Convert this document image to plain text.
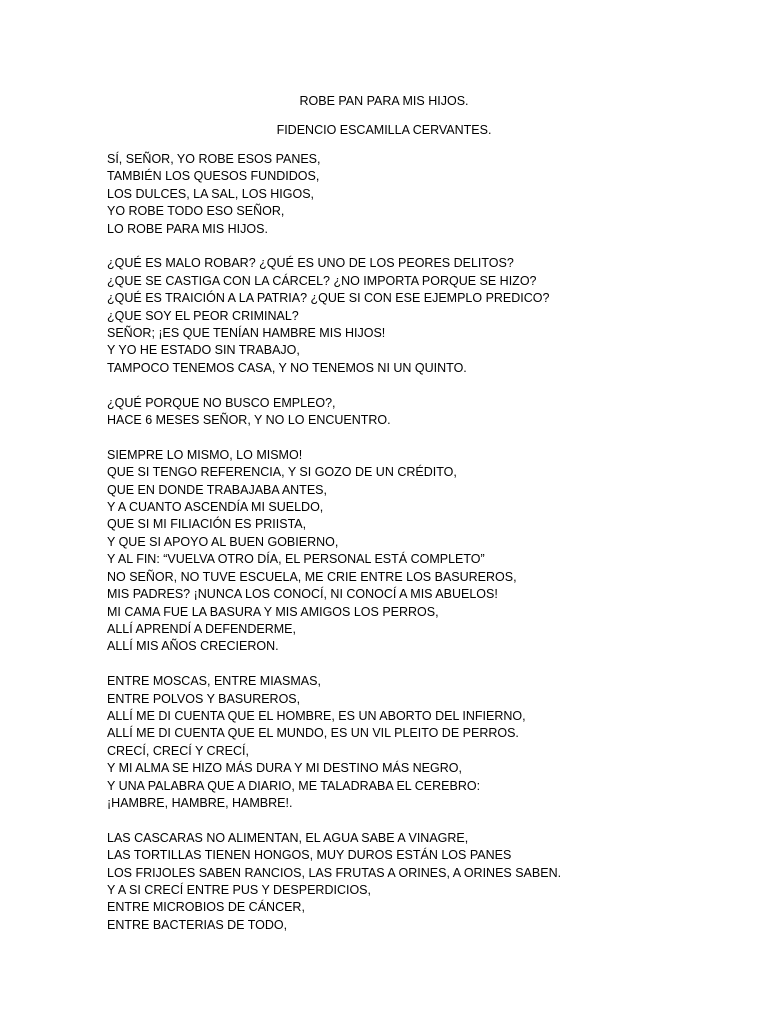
ROBE PAN PARA MIS HIJOS.
FIDENCIO ESCAMILLA CERVANTES.
SÍ, SEÑOR, YO ROBE ESOS PANES,
TAMBIÉN LOS QUESOS FUNDIDOS,
LOS DULCES, LA SAL, LOS HIGOS,
YO ROBE TODO ESO SEÑOR,
LO ROBE PARA MIS HIJOS.
¿QUÉ ES MALO ROBAR? ¿QUÉ ES UNO DE LOS PEORES DELITOS?
¿QUE SE CASTIGA CON LA CÁRCEL? ¿NO IMPORTA PORQUE SE HIZO?
¿QUÉ ES TRAICIÓN A LA PATRIA? ¿QUE SI CON ESE EJEMPLO PREDICO?
¿QUE SOY EL PEOR CRIMINAL?
SEÑOR; ¡ES QUE TENÍAN HAMBRE MIS HIJOS!
Y YO HE ESTADO SIN TRABAJO,
TAMPOCO TENEMOS CASA, Y NO TENEMOS NI UN QUINTO.
¿QUÉ PORQUE NO BUSCO EMPLEO?,
HACE 6 MESES SEÑOR, Y NO LO ENCUENTRO.
SIEMPRE LO MISMO, LO MISMO!
QUE SI TENGO REFERENCIA, Y SI GOZO DE UN CRÉDITO,
QUE EN DONDE TRABAJABA ANTES,
Y A CUANTO ASCENDÍA MI SUELDO,
QUE SI MI FILIACIÓN ES PRIISTA,
Y QUE SI APOYO AL BUEN GOBIERNO,
Y AL FIN: “VUELVA OTRO DÍA, EL PERSONAL ESTÁ COMPLETO”
NO SEÑOR, NO TUVE ESCUELA, ME CRIE ENTRE LOS BASUREROS,
MIS PADRES? ¡NUNCA LOS CONOCÍ, NI CONOCÍ A MIS ABUELOS!
MI CAMA FUE LA BASURA Y MIS AMIGOS LOS PERROS,
ALLÍ APRENDÍ A DEFENDERME,
ALLÍ MIS AÑOS CRECIERON.
ENTRE MOSCAS, ENTRE MIASMAS,
ENTRE POLVOS Y BASUREROS,
ALLÍ ME DI CUENTA QUE EL HOMBRE, ES UN ABORTO DEL INFIERNO,
ALLÍ ME DI CUENTA QUE EL MUNDO, ES UN VIL PLEITO DE PERROS.
CRECÍ, CRECÍ Y CRECÍ,
Y MI ALMA SE HIZO MÁS DURA Y MI DESTINO MÁS NEGRO,
Y UNA PALABRA QUE A DIARIO, ME TALADRABA EL CEREBRO:
¡HAMBRE, HAMBRE, HAMBRE!.
LAS CASCARAS NO ALIMENTAN, EL AGUA SABE A VINAGRE,
LAS TORTILLAS TIENEN HONGOS, MUY DUROS ESTÁN LOS PANES
LOS FRIJOLES SABEN RANCIOS, LAS FRUTAS A ORINES, A ORINES SABEN.
Y A SI CRECÍ ENTRE PUS Y DESPERDICIOS,
ENTRE MICROBIOS DE CÁNCER,
ENTRE BACTERIAS DE TODO,
